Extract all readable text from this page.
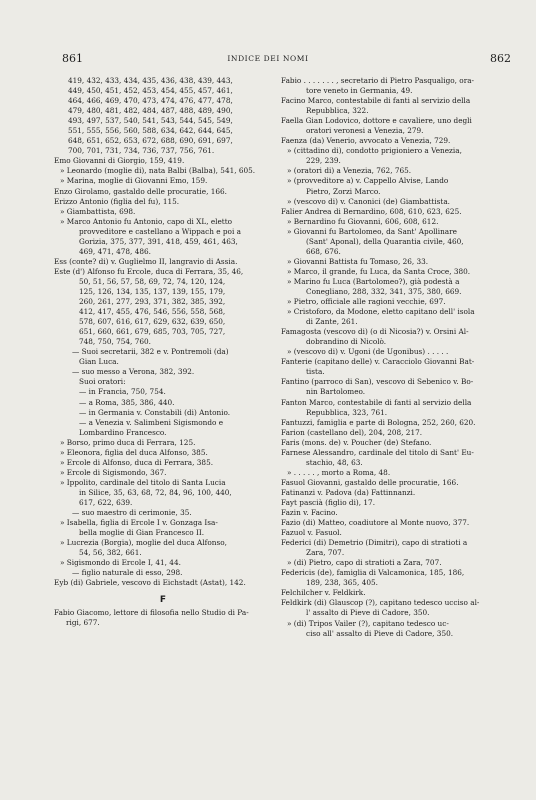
861	INDICE DEI NOMI	862
419, 432, 433, 434, 435, 436, 438, 439, 443,
449, 450, 451, 452, 453, 454, 455, 457, 461,
464, 466, 469, 470, 473, 474, 476, 477, 478,
479, 480, 481, 482, 484, 487, 488, 489, 490,
493, 497, 537, 540, 541, 543, 544, 545, 549,
551, 555, 556, 560, 588, 634, 642, 644, 645,
648, 651, 652, 653, 672, 688, 690, 691, 697,
700, 701, 731, 734, 736, 737, 756, 761.
Emo Giovanni di Giorgio, 159, 419.
» Leonardo (moglie di), nata Balbi (Balba), 541, 605.
» Marina, moglie di Giovanni Emo, 159.
Enzo Girolamo, gastaldo delle procuratie, 166.
Erizzo Antonio (figlia del fu), 115.
» Giambattista, 698.
» Marco Antonio fu Antonio, capo di XL, eletto
provveditore e castellano a Wippach e poi a
Gorizia, 375, 377, 391, 418, 459, 461, 463,
469, 471, 478, 486.
Ess (conte? di) v. Guglielmo II, langravio di Assia.
Este (d') Alfonso fu Ercole, duca di Ferrara, 35, 46,
50, 51, 56, 57, 58, 69, 72, 74, 120, 124,
125, 126, 134, 135, 137, 139, 155, 179,
260, 261, 277, 293, 371, 382, 385, 392,
412, 417, 455, 476, 546, 556, 558, 568,
578, 607, 616, 617, 629, 632, 639, 650,
651, 660, 661, 679, 685, 703, 705, 727,
748, 750, 754, 760.
— Suoi secretarii, 382 e v. Pontremoli (da)
Gian Luca.
— suo messo a Verona, 382, 392.
Suoi oratori:
— in Francia, 750, 754.
— a Roma, 385, 386, 440.
— in Germania v. Constabili (di) Antonio.
— a Venezia v. Salimbeni Sigismondo e
Lombardino Francesco.
» Borso, primo duca di Ferrara, 125.
» Eleonora, figlia del duca Alfonso, 385.
» Ercole di Alfonso, duca di Ferrara, 385.
» Ercole di Sigismondo, 367.
» Ippolito, cardinale del titolo di Santa Lucia
in Silice, 35, 63, 68, 72, 84, 96, 100, 440,
617, 622, 639.
— suo maestro di cerimonie, 35.
» Isabella, figlia di Ercole I v. Gonzaga Isa-
bella moglie di Gian Francesco II.
» Lucrezia (Borgia), moglie del duca Alfonso,
54, 56, 382, 661.
» Sigismondo di Ercole I, 41, 44.
— figlio naturale di esso, 298.
Eyb (di) Gabriele, vescovo di Eichstadt (Astat), 142.
F
Fabio Giacomo, lettore di filosofia nello Studio di Pa-
rigi, 677.
Fabio . . . . . . . , secretario di Pietro Pasqualigo, ora-
tore veneto in Germania, 49.
Facino Marco, contestabile di fanti al servizio della
Repubblica, 322.
Faella Gian Lodovico, dottore e cavaliere, uno degli
oratori veronesi a Venezia, 279.
Faenza (da) Venerio, avvocato a Venezia, 729.
» (cittadino di), condotto prigioniero a Venezia,
229, 239.
» (oratori di) a Venezia, 762, 765.
» (provveditore a) v. Cappello Alvise, Lando
Pietro, Zorzi Marco.
» (vescovo di) v. Canonici (de) Giambattista.
Falier Andrea di Bernardino, 608, 610, 623, 625.
» Bernardino fu Giovanni, 606, 608, 612.
» Giovanni fu Bartolomeo, da Sant' Apollinare
(Sant' Aponal), della Quarantia civile, 460,
668, 676.
» Giovanni Battista fu Tomaso, 26, 33.
» Marco, il grande, fu Luca, da Santa Croce, 380.
» Marino fu Luca (Bartolomeo?), già podestà a
Conegliano, 288, 332, 341, 375, 380, 669.
» Pietro, officiale alle ragioni vecchie, 697.
» Cristoforo, da Modone, eletto capitano dell' isola
di Zante, 261.
Famagosta (vescovo di) (o di Nicosia?) v. Orsini Al-
dobrandino di Nicolò.
» (vescovo di) v. Ugoni (de Ugonibus) . . . . .
Fanterie (capitano delle) v. Caracciolo Giovanni Bat-
tista.
Fantino (parroco di San), vescovo di Sebenico v. Bo-
nin Bartolomeo.
Fanton Marco, contestabile di fanti al servizio della
Repubblica, 323, 761.
Fantuzzi, famiglia e parte di Bologna, 252, 260, 620.
Farion (castellano del), 204, 208, 217.
Faris (mons. de) v. Poucher (de) Stefano.
Farnese Alessandro, cardinale del titolo di Sant' Eu-
stachio, 48, 63.
» . . . . . , morto a Roma, 48.
Fasuol Giovanni, gastaldo delle procuratie, 166.
Fatinanzi v. Padova (da) Fattinnanzi.
Fayt pascià (figlio di), 17.
Fazin v. Facino.
Fazio (di) Matteo, coadiutore al Monte nuovo, 377.
Fazuol v. Fasuol.
Federici (di) Demetrio (Dimitri), capo di stratioti a
Zara, 707.
» (di) Pietro, capo di stratioti a Zara, 707.
Federicis (de), famiglia di Valcamonica, 185, 186,
189, 238, 365, 405.
Felchilcher v. Feldkirk.
Feldkirk (di) Glauscop (?), capitano tedesco ucciso al-
l' assalto di Pieve di Cadore, 350.
» (di) Tripos Vailer (?), capitano tedesco uc-
ciso all' assalto di Pieve di Cadore, 350.
